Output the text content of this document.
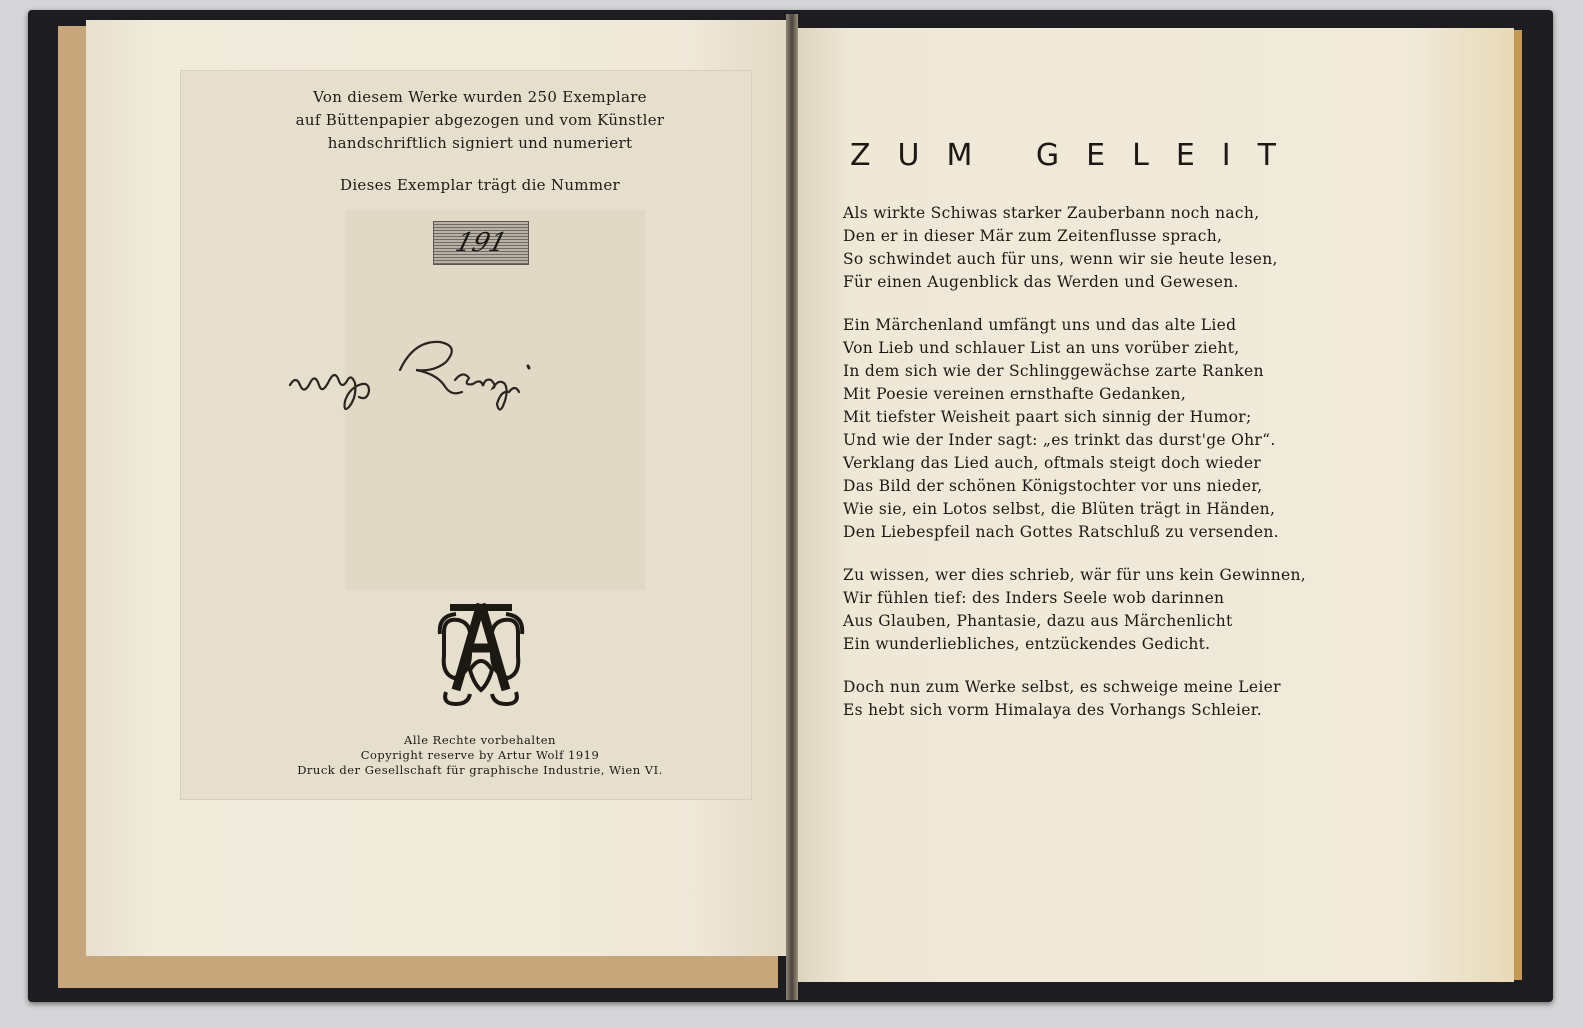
Von diesem Werke wurden 250 Exemplare

auf Büttenpapier abgezogen und vom Künstler

handschriftlich signiert und numeriert

Dieses Exemplar trägt die Nummer
191

Alle Rechte vorbehalten

Copyright reserve by Artur Wolf 1919

Druck der Gesellschaft für graphische Industrie, Wien VI.

ZUM GELEIT
Als wirkte Schiwas starker Zauberbann noch nach,
Den er in dieser Mär zum Zeitenflusse sprach,
So schwindet auch für uns, wenn wir sie heute lesen,
Für einen Augenblick das Werden und Gewesen.
Ein Märchenland umfängt uns und das alte Lied
Von Lieb und schlauer List an uns vorüber zieht,
In dem sich wie der Schlinggewächse zarte Ranken
Mit Poesie vereinen ernsthafte Gedanken,
Mit tiefster Weisheit paart sich sinnig der Humor;
Und wie der Inder sagt: „es trinkt das durst'ge Ohr“.
Verklang das Lied auch, oftmals steigt doch wieder
Das Bild der schönen Königstochter vor uns nieder,
Wie sie, ein Lotos selbst, die Blüten trägt in Händen,
Den Liebespfeil nach Gottes Ratschluß zu versenden.
Zu wissen, wer dies schrieb, wär für uns kein Gewinnen,
Wir fühlen tief: des Inders Seele wob darinnen
Aus Glauben, Phantasie, dazu aus Märchenlicht
Ein wunderliebliches, entzückendes Gedicht.
Doch nun zum Werke selbst, es schweige meine Leier
Es hebt sich vorm Himalaya des Vorhangs Schleier.
